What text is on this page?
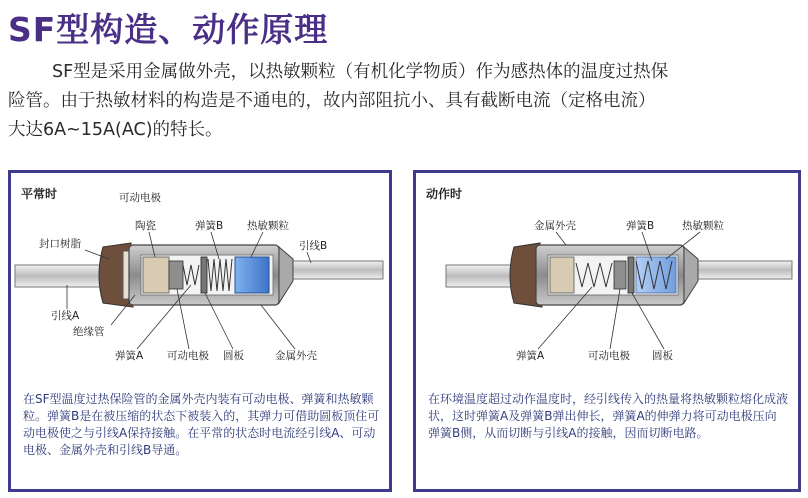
SF型构造、动作原理
SF型是采用金属做外壳，以热敏颗粒（有机化学物质）作为感热体的温度过热保
险管。由于热敏材料的构造是不通电的，故内部阻抗小、具有截断电流（定格电流）
大达6A~15A(AC)的特长。
平常时	可动电极
陶瓷	弹簧B 热敏颗粒
封口树脂	引线B
引线A
绝缘管
弹簧A 可动电极 圆板	金属外壳
在SF型温度过热保险管的金属外壳内装有可动电极、弹簧和热敏颗粒。弹簧B是在被压缩的状态下被装入的，其弹力可借助圆板顶住可动电极使之与引线A保持接触。在平常的状态时电流经引线A、可动电极、金属外壳和引线B导通。
动作时
金属外壳	弹簧B	热敏颗粒
弹簧A	可动电极 圆板
在环境温度超过动作温度时，经引线传入的热量将热敏颗粒熔化成液状，这时弹簧A及弹簧B弹出伸长，弹簧A的伸弹力将可动电极压向弹簧B侧，从而切断与引线A的接触，因而切断电路。
